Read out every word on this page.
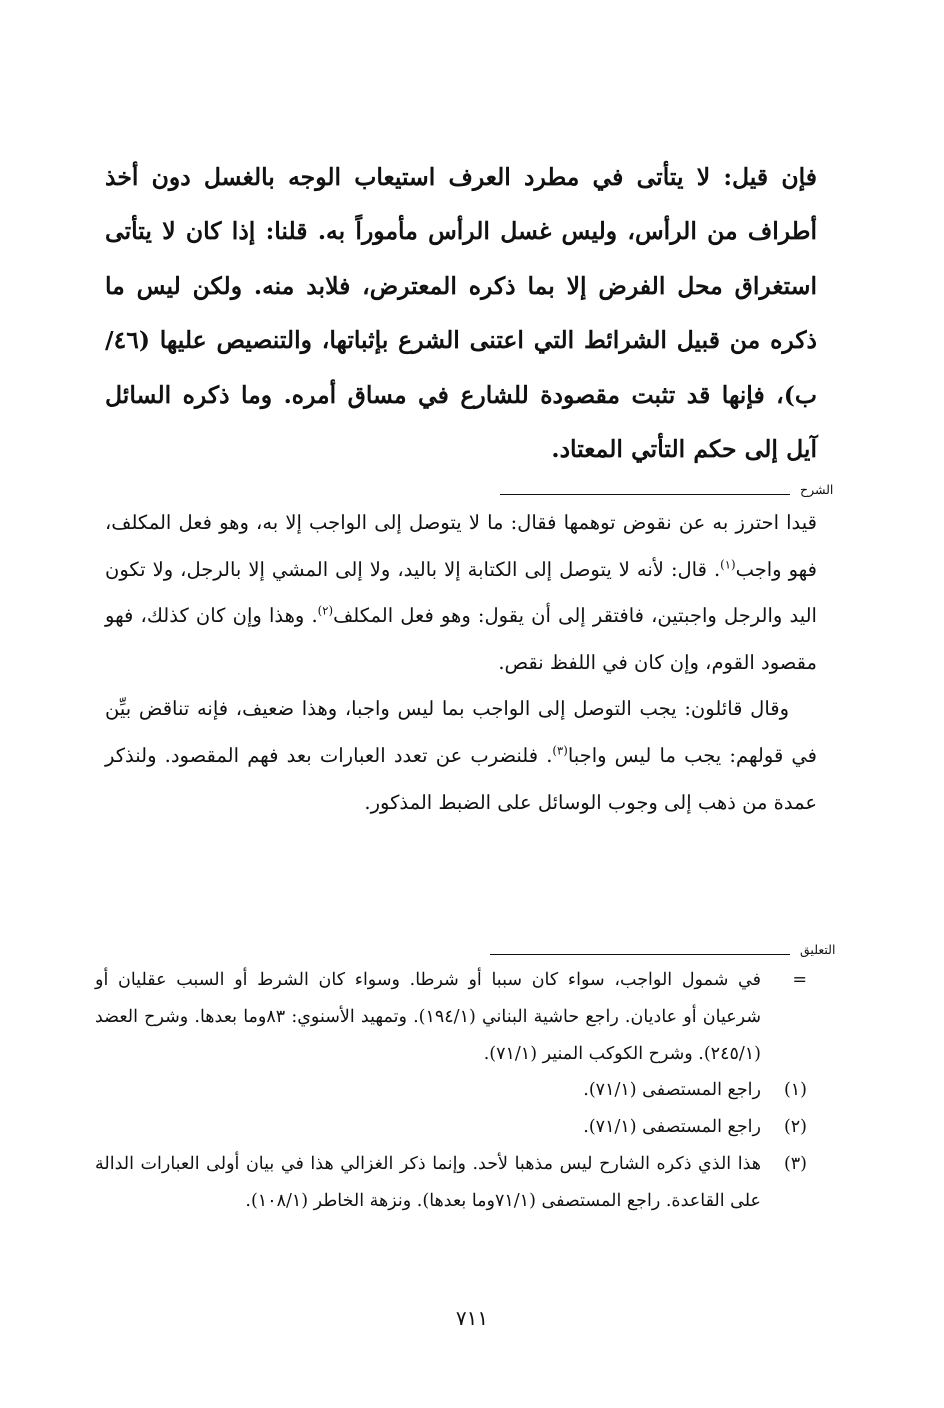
فإن قيل: لا يتأتى في مطرد العرف استيعاب الوجه بالغسل دون أخذ أطراف من الرأس، وليس غسل الرأس مأموراً به. قلنا: إذا كان لا يتأتى استغراق محل الفرض إلا بما ذكره المعترض، فلابد منه. ولكن ليس ما ذكره من قبيل الشرائط التي اعتنى الشرع بإثباتها، والتنصيص عليها (٤٦/ب)، فإنها قد تثبت مقصودة للشارع في مساق أمره. وما ذكره السائل آيل إلى حكم التأتي المعتاد.

الشرح

قيدا احترز به عن نقوض توهمها فقال: ما لا يتوصل إلى الواجب إلا به، وهو فعل المكلف، فهو واجب$^{(١)}$. قال: لأنه لا يتوصل إلى الكتابة إلا باليد، ولا إلى المشي إلا بالرجل، ولا تكون اليد والرجل واجبتين، فافتقر إلى أن يقول: وهو فعل المكلف$^{(٢)}$. وهذا وإن كان كذلك، فهو مقصود القوم، وإن كان في اللفظ نقص.

وقال قائلون: يجب التوصل إلى الواجب بما ليس واجبا، وهذا ضعيف، فإنه تناقض بيِّن في قولهم: يجب ما ليس واجبا$^{(٣)}$. فلنضرب عن تعدد العبارات بعد فهم المقصود. ولنذكر عمدة من ذهب إلى وجوب الوسائل على الضبط المذكور.

التعليق
=
في شمول الواجب، سواء كان سببا أو شرطا. وسواء كان الشرط أو السبب عقليان أو شرعيان أو عاديان. راجع حاشية البناني (١٩٤/١). وتمهيد الأسنوي: ٨٣وما بعدها. وشرح العضد (٢٤٥/١). وشرح الكوكب المنير (٧١/١).
(١)
راجع المستصفى (٧١/١).
(٢)
راجع المستصفى (٧١/١).
(٣)
هذا الذي ذكره الشارح ليس مذهبا لأحد. وإنما ذكر الغزالي هذا في بيان أولى العبارات الدالة على القاعدة. راجع المستصفى (٧١/١وما بعدها). ونزهة الخاطر (١٠٨/١).
٧١١
